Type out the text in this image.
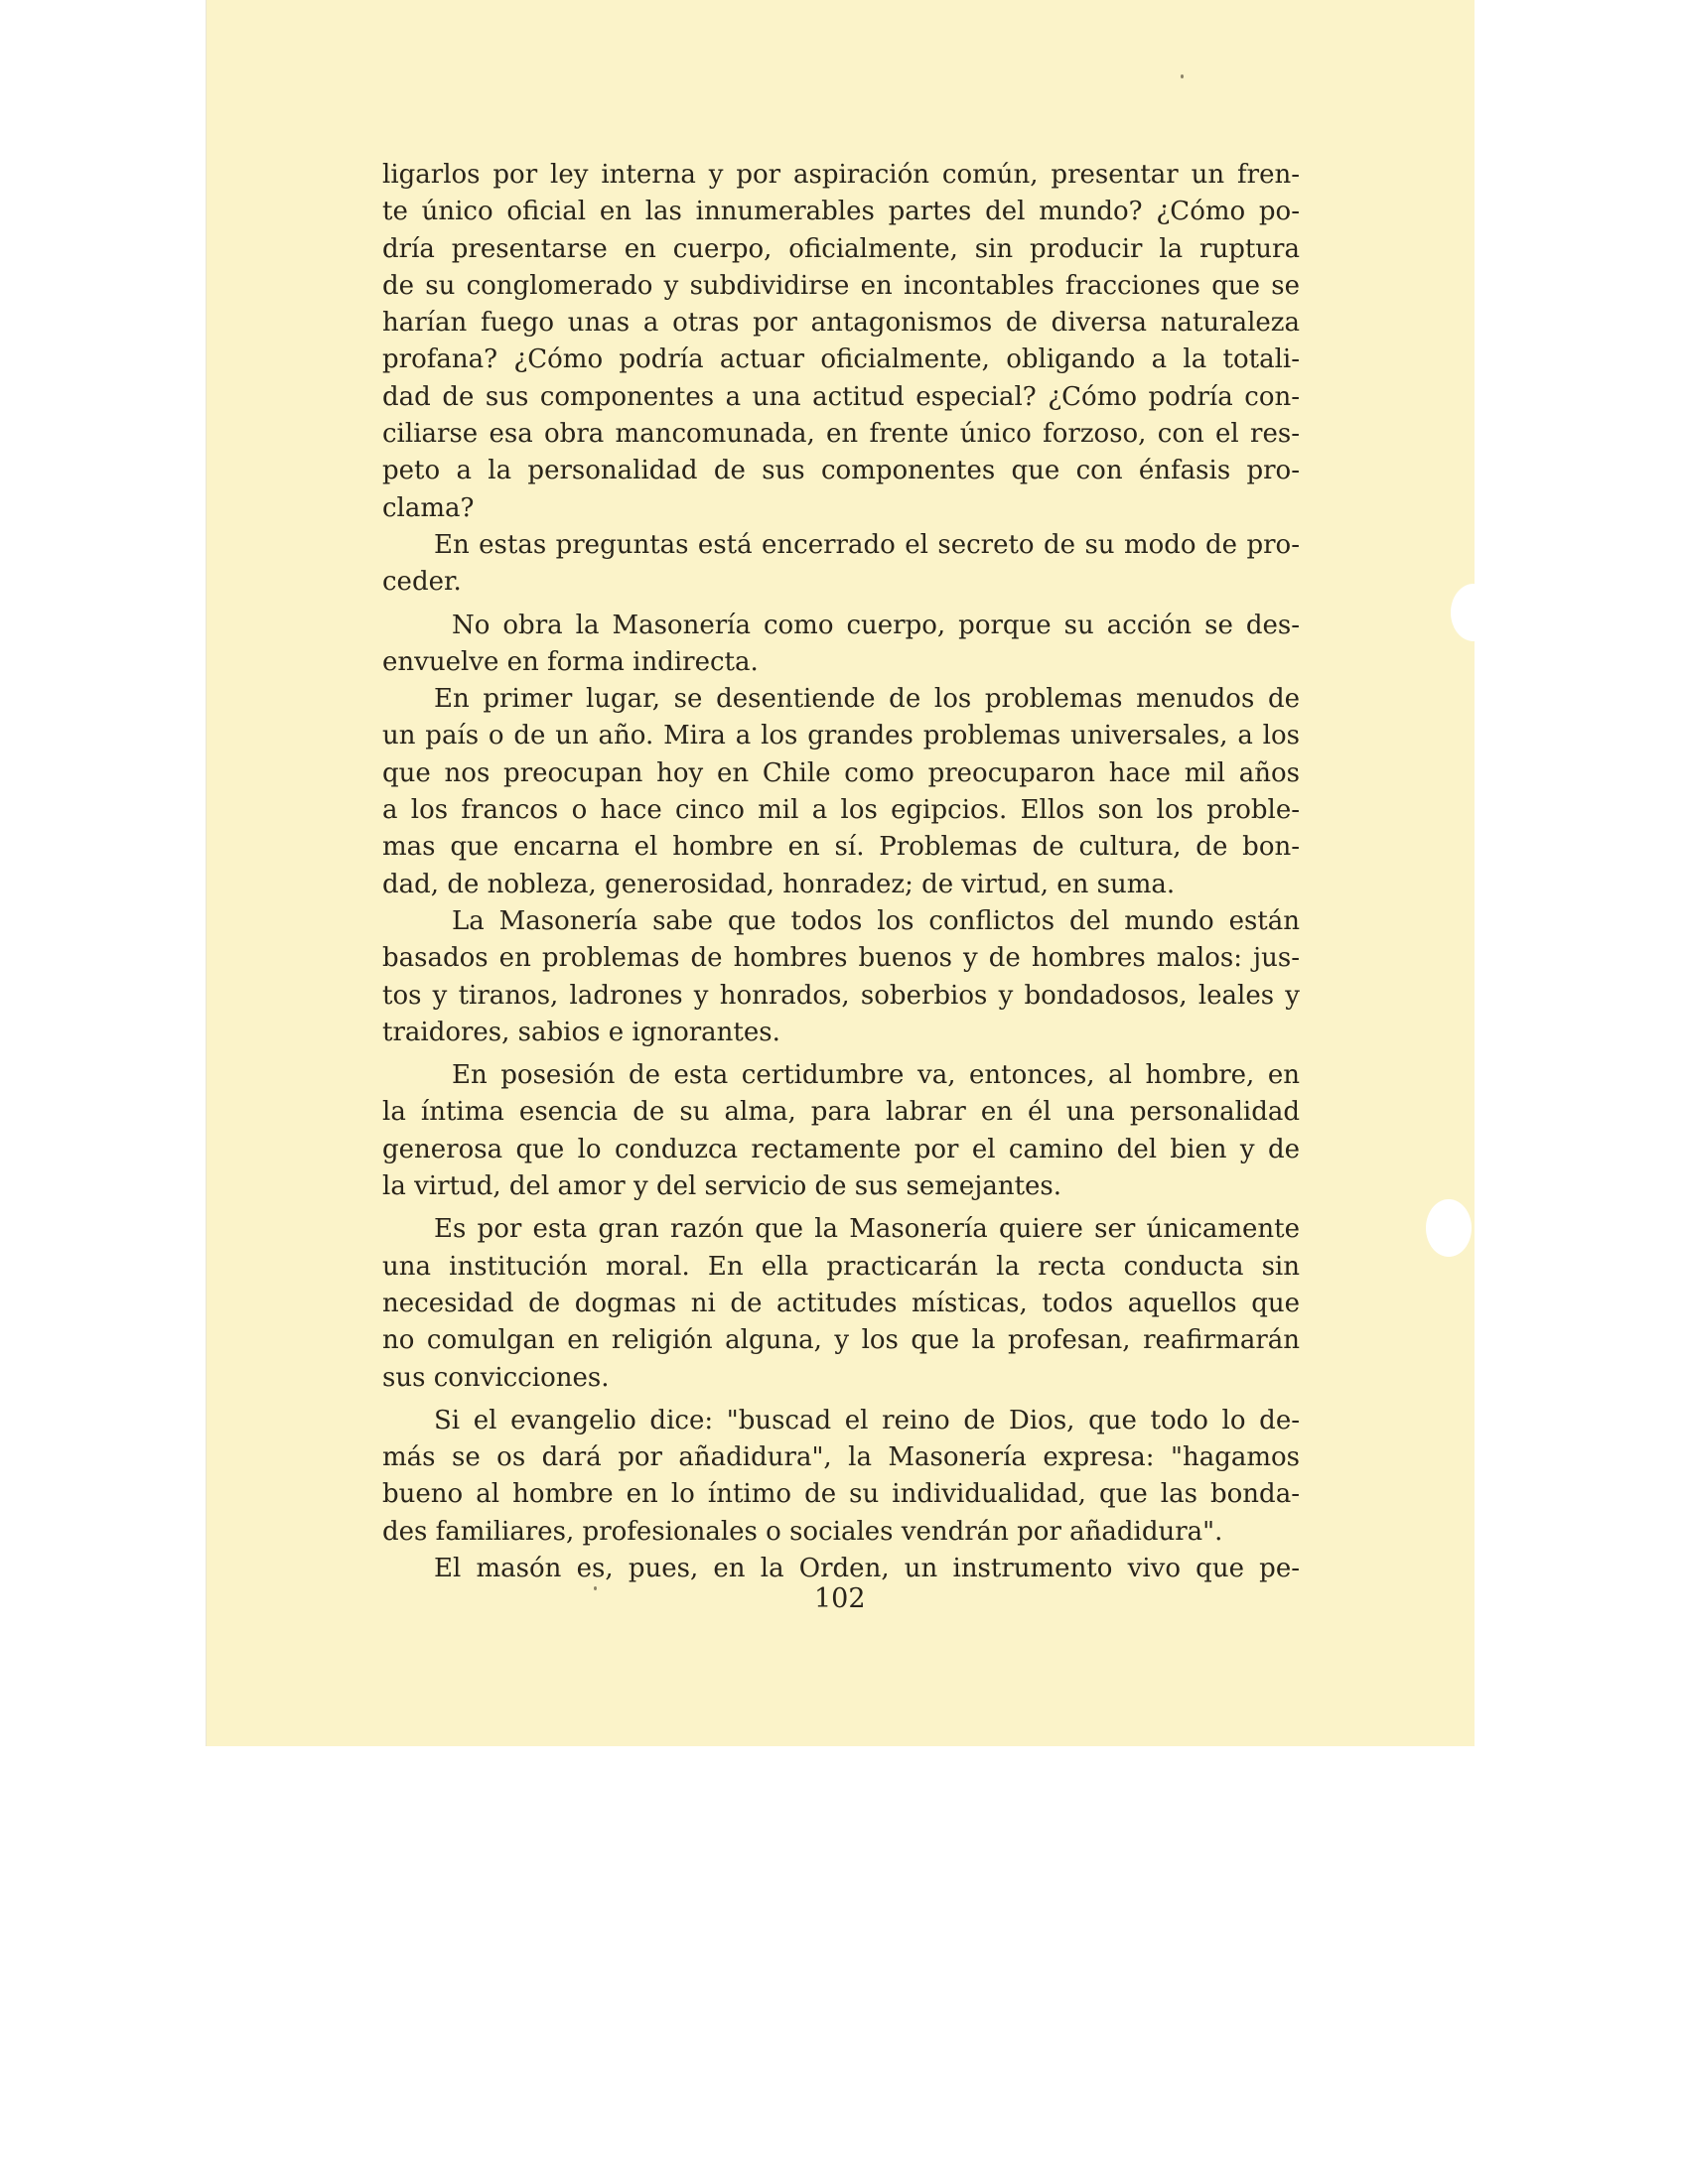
ligarlos por ley interna y por aspiración común, presentar un fren-
te único oficial en las innumerables partes del mundo? ¿Cómo po-
dría presentarse en cuerpo, oficialmente, sin producir la ruptura
de su conglomerado y subdividirse en incontables fracciones que se
harían fuego unas a otras por antagonismos de diversa naturaleza
profana? ¿Cómo podría actuar oficialmente, obligando a la totali-
dad de sus componentes a una actitud especial? ¿Cómo podría con-
ciliarse esa obra mancomunada, en frente único forzoso, con el res-
peto a la personalidad de sus componentes que con énfasis pro-
clama?
En estas preguntas está encerrado el secreto de su modo de pro-
ceder.
No obra la Masonería como cuerpo, porque su acción se des-
envuelve en forma indirecta.
En primer lugar, se desentiende de los problemas menudos de
un país o de un año. Mira a los grandes problemas universales, a los
que nos preocupan hoy en Chile como preocuparon hace mil años
a los francos o hace cinco mil a los egipcios. Ellos son los proble-
mas que encarna el hombre en sí. Problemas de cultura, de bon-
dad, de nobleza, generosidad, honradez; de virtud, en suma.
La Masonería sabe que todos los conflictos del mundo están
basados en problemas de hombres buenos y de hombres malos: jus-
tos y tiranos, ladrones y honrados, soberbios y bondadosos, leales y
traidores, sabios e ignorantes.
En posesión de esta certidumbre va, entonces, al hombre, en
la íntima esencia de su alma, para labrar en él una personalidad
generosa que lo conduzca rectamente por el camino del bien y de
la virtud, del amor y del servicio de sus semejantes.
Es por esta gran razón que la Masonería quiere ser únicamente
una institución moral. En ella practicarán la recta conducta sin
necesidad de dogmas ni de actitudes místicas, todos aquellos que
no comulgan en religión alguna, y los que la profesan, reafirmarán
sus convicciones.
Si el evangelio dice: "buscad el reino de Dios, que todo lo de-
más se os dará por añadidura", la Masonería expresa: "hagamos
bueno al hombre en lo íntimo de su individualidad, que las bonda-
des familiares, profesionales o sociales vendrán por añadidura".
El masón es, pues, en la Orden, un instrumento vivo que pe-
102
